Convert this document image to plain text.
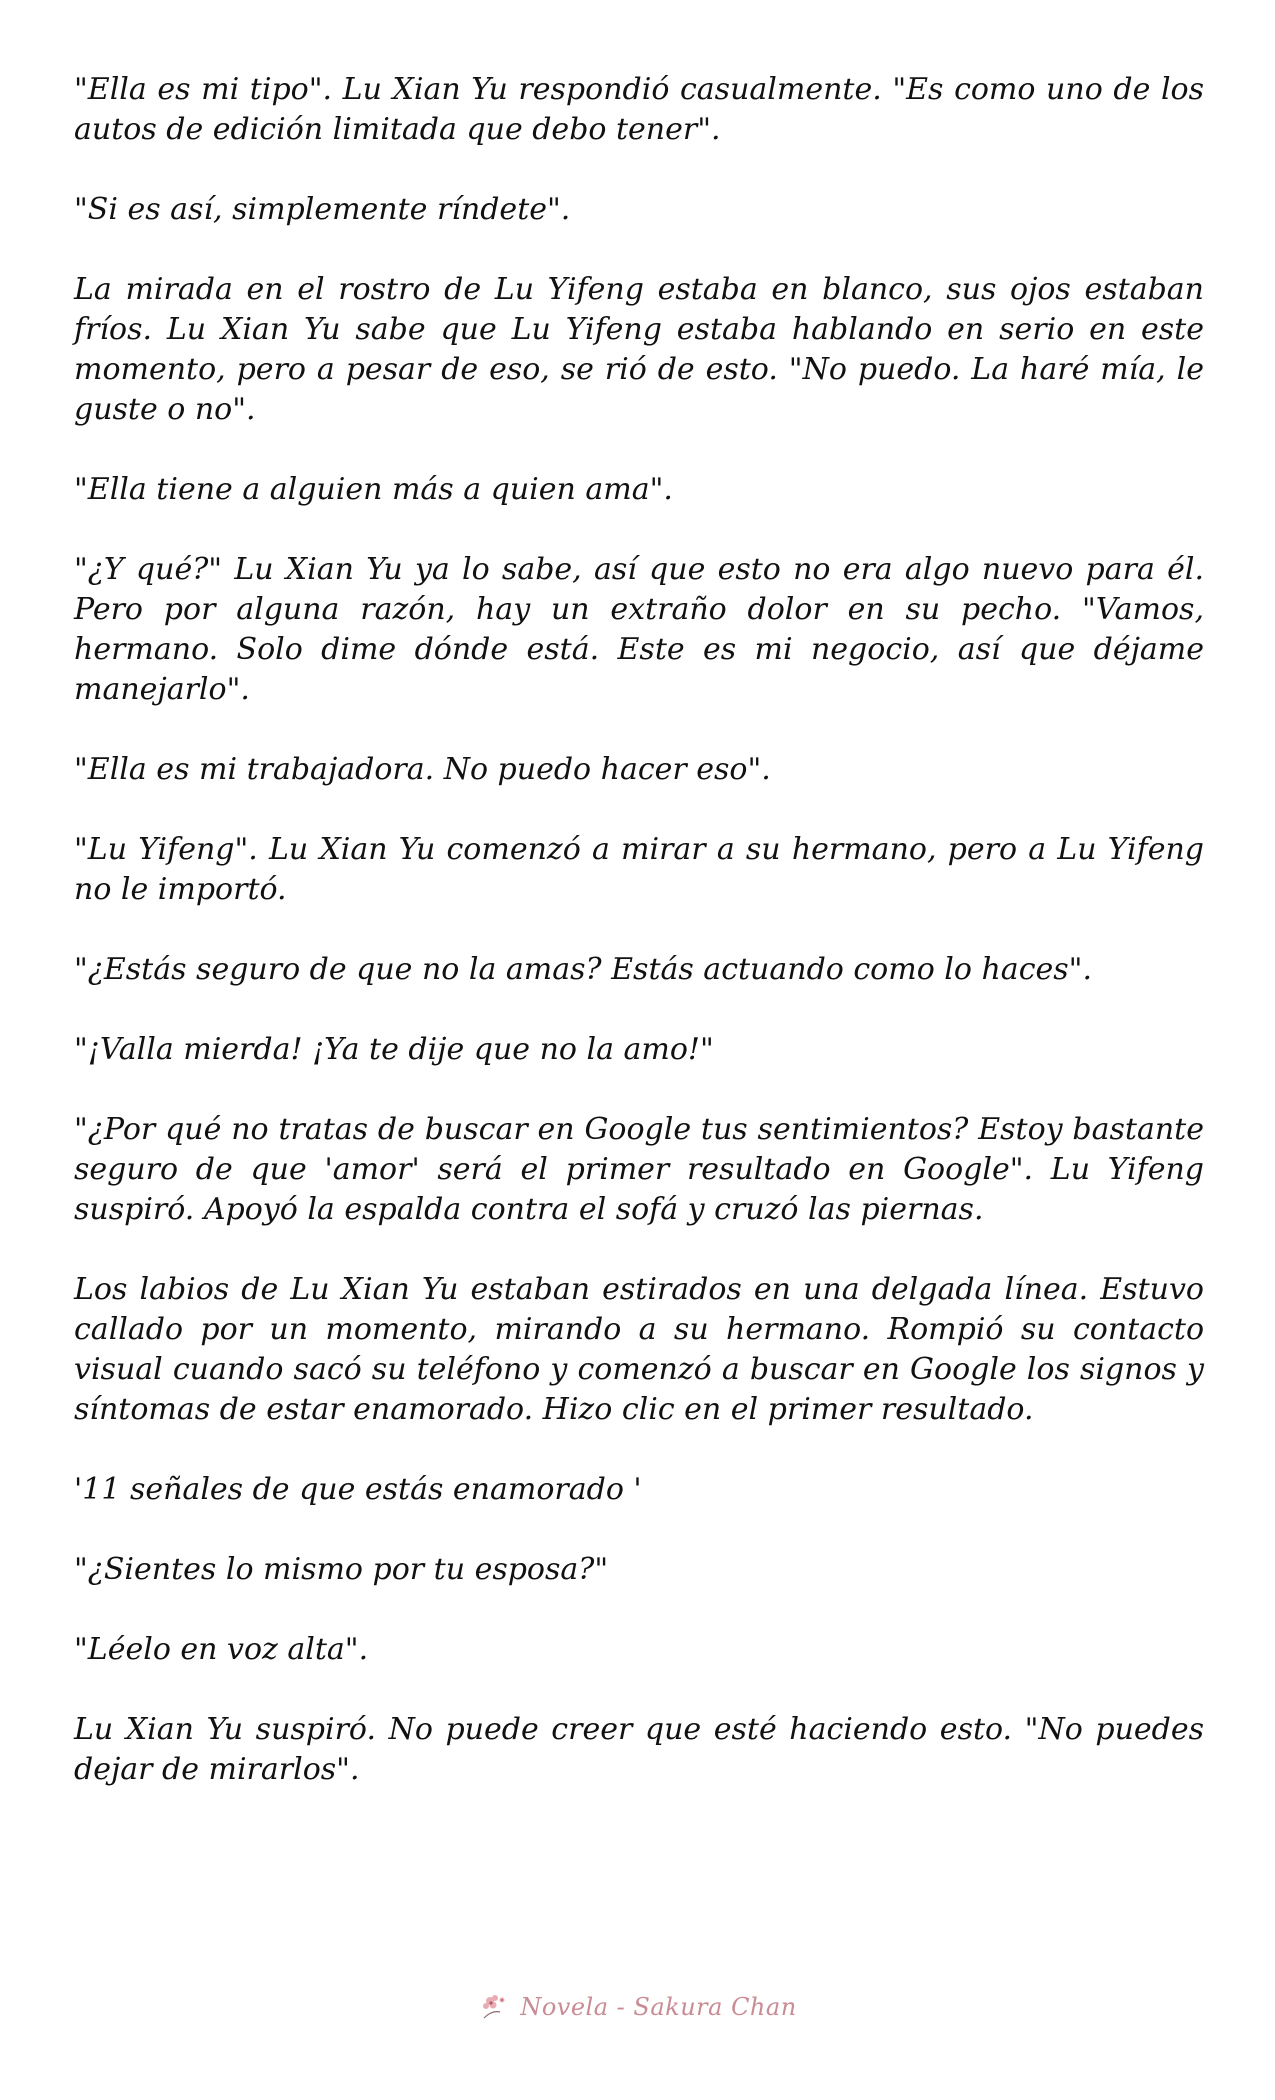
"Ella es mi tipo". Lu Xian Yu respondió casualmente. "Es como uno de los autos de edición limitada que debo tener".

"Si es así, simplemente ríndete".

La mirada en el rostro de Lu Yifeng estaba en blanco, sus ojos estaban fríos. Lu Xian Yu sabe que Lu Yifeng estaba hablando en serio en este momento, pero a pesar de eso, se rió de esto. "No puedo. La haré mía, le guste o no".

"Ella tiene a alguien más a quien ama".

"¿Y qué?" Lu Xian Yu ya lo sabe, así que esto no era algo nuevo para él. Pero por alguna razón, hay un extraño dolor en su pecho. "Vamos, hermano. Solo dime dónde está. Este es mi negocio, así que déjame manejarlo".

"Ella es mi trabajadora. No puedo hacer eso".

"Lu Yifeng". Lu Xian Yu comenzó a mirar a su hermano, pero a Lu Yifeng no le importó.

"¿Estás seguro de que no la amas? Estás actuando como lo haces".

"¡Valla mierda! ¡Ya te dije que no la amo!"

"¿Por qué no tratas de buscar en Google tus sentimientos? Estoy bastante seguro de que 'amor' será el primer resultado en Google". Lu Yifeng suspiró. Apoyó la espalda contra el sofá y cruzó las piernas.

Los labios de Lu Xian Yu estaban estirados en una delgada línea. Estuvo callado por un momento, mirando a su hermano. Rompió su contacto visual cuando sacó su teléfono y comenzó a buscar en Google los signos y síntomas de estar enamorado. Hizo clic en el primer resultado.

'11 señales de que estás enamorado '

"¿Sientes lo mismo por tu esposa?"

"Léelo en voz alta".

Lu Xian Yu suspiró. No puede creer que esté haciendo esto. "No puedes dejar de mirarlos".

Novela - Sakura Chan
